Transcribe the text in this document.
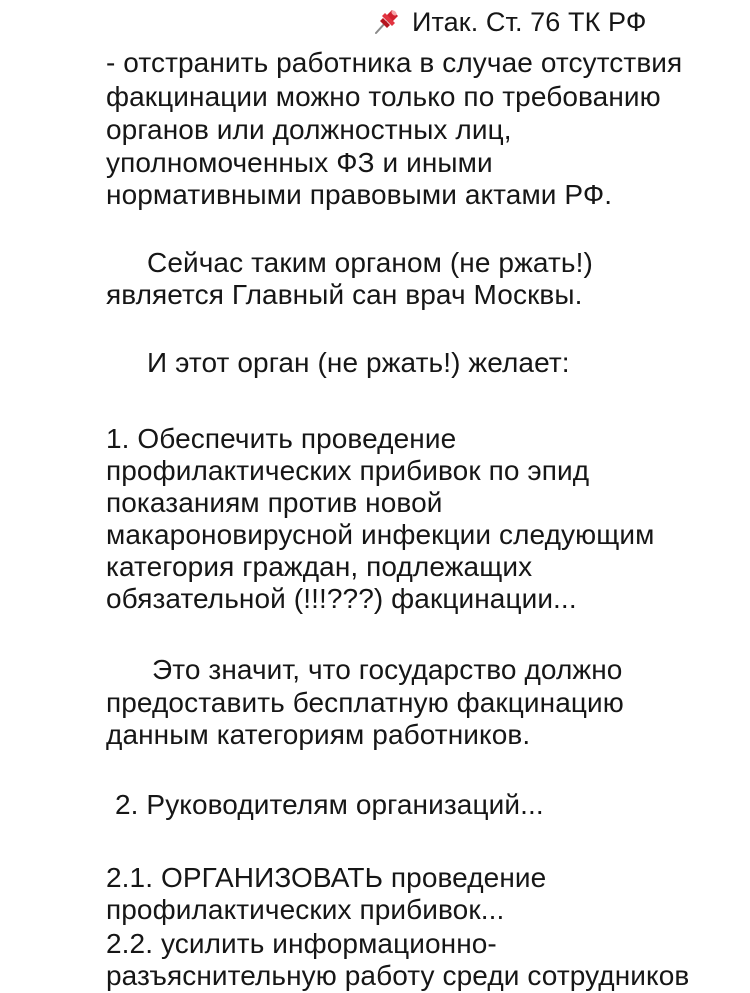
Итак. Ст. 76 ТК РФ
- отстранить работника в случае отсутствия
факцинации можно только по требованию
органов или должностных лиц,
уполномоченных ФЗ и иными
нормативными правовыми актами РФ.
Сейчас таким органом (не ржать!)
является Главный сан врач Москвы.
И этот орган (не ржать!) желает:
1. Обеспечить проведение
профилактических прибивок по эпид
показаниям против новой
макароновирусной инфекции следующим
категория граждан, подлежащих
обязательной (!!!???) факцинации...
Это значит, что государство должно
предоставить бесплатную факцинацию
данным категориям работников.
2. Руководителям организаций...
2.1. ОРГАНИЗОВАТЬ проведение
профилактических прибивок...
2.2. усилить информационно-
разъяснительную работу среди сотрудников
